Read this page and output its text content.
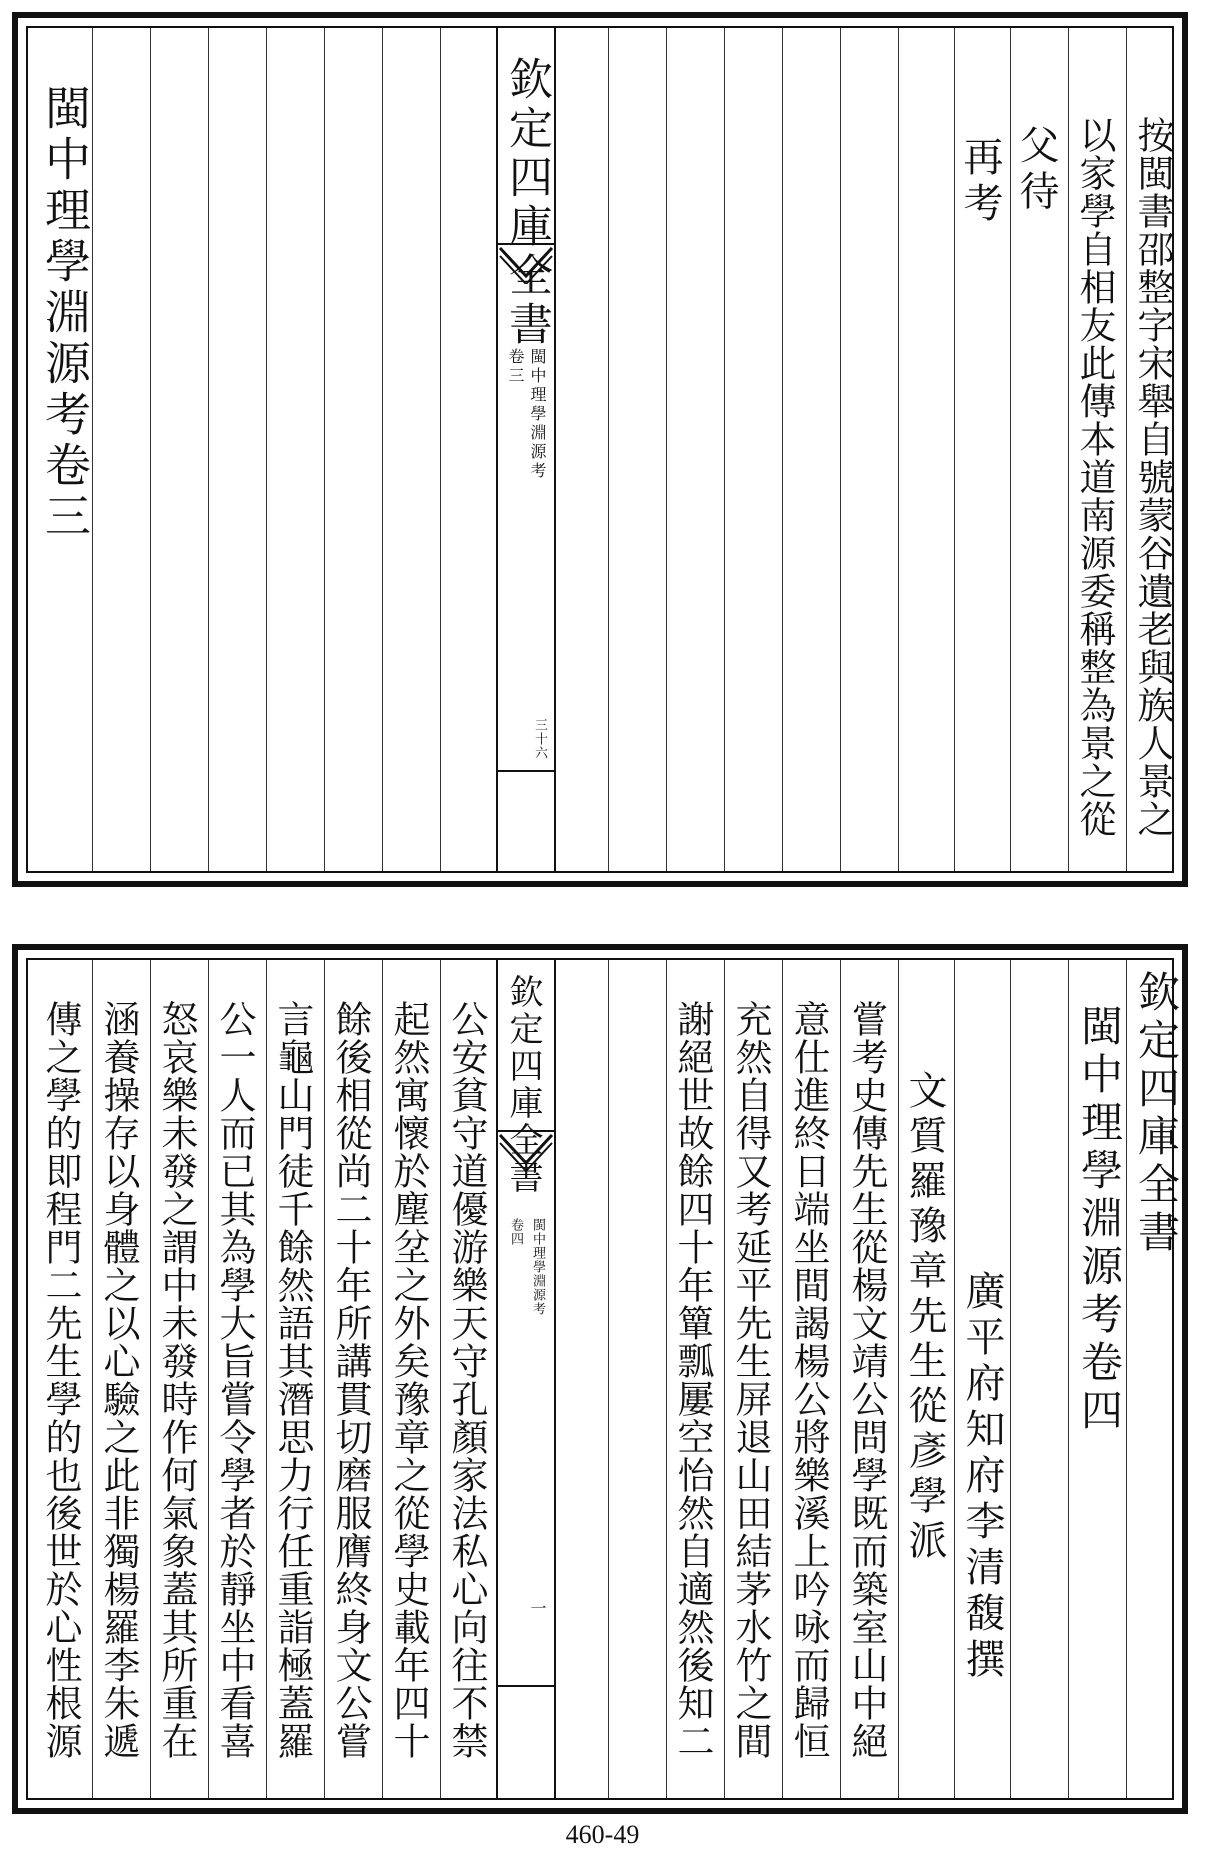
欽定四庫全書
閩中理學淵源考
卷三
三十六
閩中理學淵源考卷三	按閩書邵整字宋舉自號蒙谷遺老與族人景之
以家學自相友此傳本道南源委稱整為景之從
父待
再考
欽定四庫全書
閩中理學淵源考
卷四
一
欽定四庫全書
閩中理學淵源考卷四
廣平府知府李清馥撰
文質羅豫章先生從彥學派
嘗考史傳先生從楊文靖公問學既而築室山中絕
意仕進終日端坐間謁楊公將樂溪上吟咏而歸恒
充然自得又考延平先生屏退山田結茅水竹之間
謝絕世故餘四十年簞瓢屢空怡然自適然後知二
公安貧守道優游樂天守孔顏家法私心向往不禁
起然寓懷於塵坌之外矣豫章之從學史載年四十
餘後相從尚二十年所講貫切磨服膺終身文公嘗
言龜山門徒千餘然語其潛思力行任重詣極蓋羅
公一人而已其為學大旨嘗令學者於靜坐中看喜
怒哀樂未發之謂中未發時作何氣象蓋其所重在
涵養操存以身體之以心驗之此非獨楊羅李朱遞
傳之學的即程門二先生學的也後世於心性根源
460-49
